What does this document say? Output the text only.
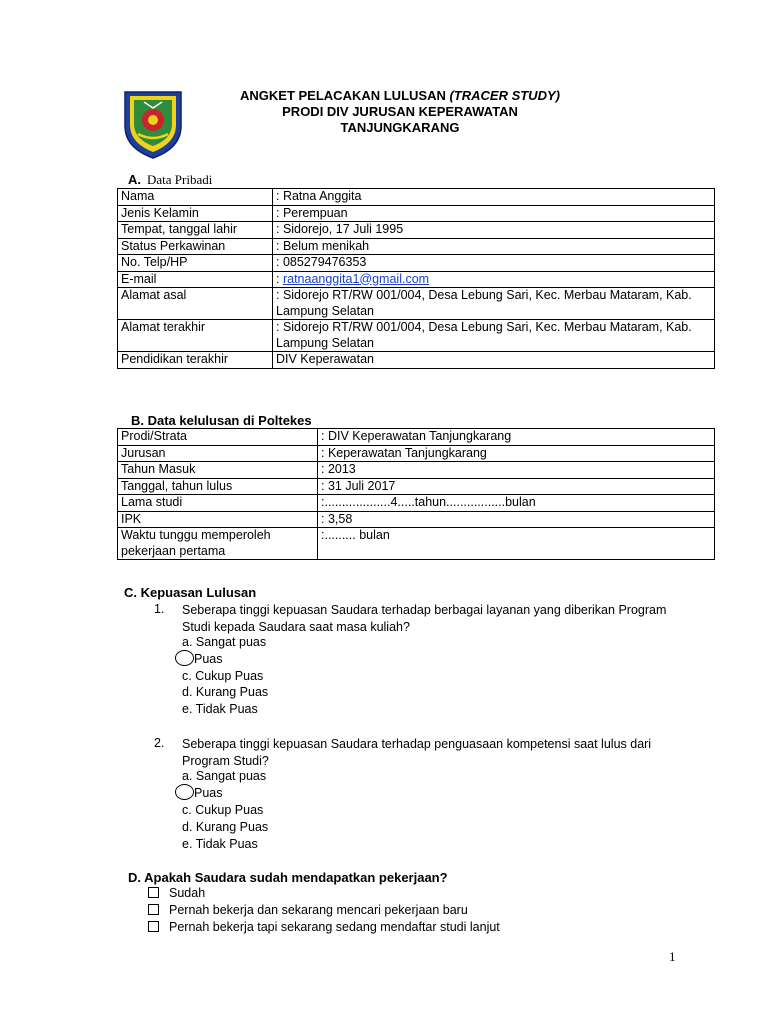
ANGKET PELACAKAN LULUSAN (TRACER STUDY)
PRODI DIV JURUSAN KEPERAWATAN
TANJUNGKARANG
A. Data Pribadi
Nama	: Ratna Anggita
Jenis Kelamin	: Perempuan
Tempat, tanggal lahir	: Sidorejo, 17 Juli 1995
Status Perkawinan	: Belum menikah
No. Telp/HP	: 085279476353
E-mail	: ratnaanggita1@gmail.com
Alamat asal	: Sidorejo RT/RW 001/004, Desa Lebung Sari, Kec. Merbau Mataram, Kab. Lampung Selatan
Alamat terakhir	: Sidorejo RT/RW 001/004, Desa Lebung Sari, Kec. Merbau Mataram, Kab. Lampung Selatan
Pendidikan terakhir	DIV Keperawatan
B. Data kelulusan di Poltekes
Prodi/Strata	: DIV Keperawatan Tanjungkarang
Jurusan	: Keperawatan Tanjungkarang
Tahun Masuk	: 2013
Tanggal, tahun lulus	: 31 Juli 2017
Lama studi	:...................4.....tahun.................bulan
IPK	: 3,58
Waktu tunggu memperoleh pekerjaan pertama	:......... bulan
C. Kepuasan Lulusan
1. Seberapa tinggi kepuasan Saudara terhadap berbagai layanan yang diberikan Program Studi kepada Saudara saat masa kuliah?
a. Sangat puas
Puas
c. Cukup Puas
d. Kurang Puas
e. Tidak Puas
2. Seberapa tinggi kepuasan Saudara terhadap penguasaan kompetensi saat lulus dari Program Studi?
a. Sangat puas
Puas
c. Cukup Puas
d. Kurang Puas
e. Tidak Puas
D. Apakah Saudara sudah mendapatkan pekerjaan?
Sudah
Pernah bekerja dan sekarang mencari pekerjaan baru
Pernah bekerja tapi sekarang sedang mendaftar studi lanjut
1
